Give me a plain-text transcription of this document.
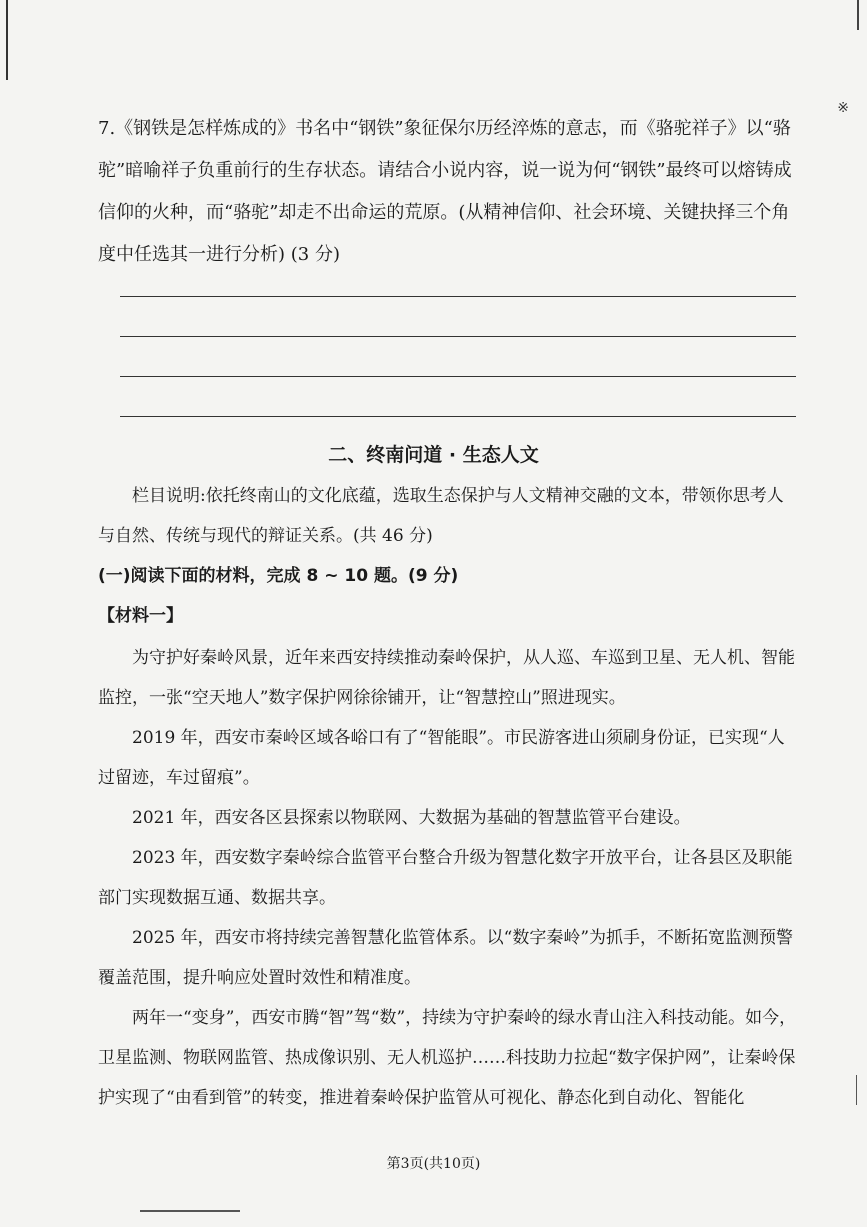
※
7.《钢铁是怎样炼成的》书名中“钢铁”象征保尔历经淬炼的意志，而《骆驼祥子》以“骆驼”暗喻祥子负重前行的生存状态。请结合小说内容，说一说为何“钢铁”最终可以熔铸成信仰的火种，而“骆驼”却走不出命运的荒原。(从精神信仰、社会环境、关键抉择三个角度中任选其一进行分析) (3 分)
二、终南问道 · 生态人文
栏目说明:依托终南山的文化底蕴，选取生态保护与人文精神交融的文本，带领你思考人与自然、传统与现代的辩证关系。(共 46 分)
(一)阅读下面的材料，完成 8 ~ 10 题。(9 分)
【材料一】
为守护好秦岭风景，近年来西安持续推动秦岭保护，从人巡、车巡到卫星、无人机、智能监控，一张“空天地人”数字保护网徐徐铺开，让“智慧控山”照进现实。
2019 年，西安市秦岭区域各峪口有了“智能眼”。市民游客进山须刷身份证，已实现“人过留迹，车过留痕”。
2021 年，西安各区县探索以物联网、大数据为基础的智慧监管平台建设。
2023 年，西安数字秦岭综合监管平台整合升级为智慧化数字开放平台，让各县区及职能部门实现数据互通、数据共享。
2025 年，西安市将持续完善智慧化监管体系。以“数字秦岭”为抓手，不断拓宽监测预警覆盖范围，提升响应处置时效性和精准度。
两年一“变身”，西安市腾“智”驾“数”，持续为守护秦岭的绿水青山注入科技动能。如今，卫星监测、物联网监管、热成像识别、无人机巡护……科技助力拉起“数字保护网”，让秦岭保护实现了“由看到管”的转变，推进着秦岭保护监管从可视化、静态化到自动化、智能化
第3页(共10页)
